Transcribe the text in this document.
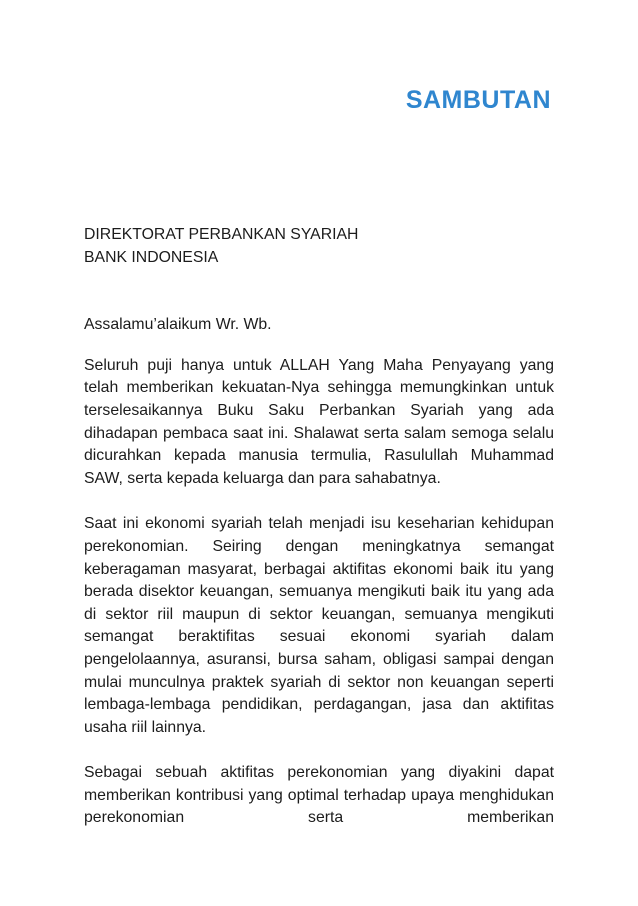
SAMBUTAN
DIREKTORAT PERBANKAN SYARIAH
BANK INDONESIA

Assalamu’alaikum Wr. Wb.

Seluruh puji hanya untuk ALLAH Yang Maha Penyayang yang telah memberikan kekuatan-Nya sehingga memungkinkan untuk terselesaikannya Buku Saku Perbankan Syariah yang ada dihadapan pembaca saat ini. Shalawat serta salam semoga selalu dicurahkan kepada manusia termulia, Rasulullah Muhammad SAW, serta kepada keluarga dan para sahabatnya.

Saat ini ekonomi syariah telah menjadi isu keseharian kehidupan perekonomian. Seiring dengan meningkatnya semangat keberagaman masyarat, berbagai aktifitas ekonomi baik itu yang berada disektor keuangan, semuanya mengikuti baik itu yang ada di sektor riil maupun di sektor keuangan, semuanya mengikuti semangat beraktifitas sesuai ekonomi syariah dalam pengelolaannya, asuransi, bursa saham, obligasi sampai dengan mulai munculnya praktek syariah di sektor non keuangan seperti lembaga-lembaga pendidikan, perdagangan, jasa dan aktifitas usaha riil lainnya.

Sebagai sebuah aktifitas perekonomian yang diyakini dapat memberikan kontribusi yang optimal terhadap upaya menghidukan perekonomian serta memberikan
